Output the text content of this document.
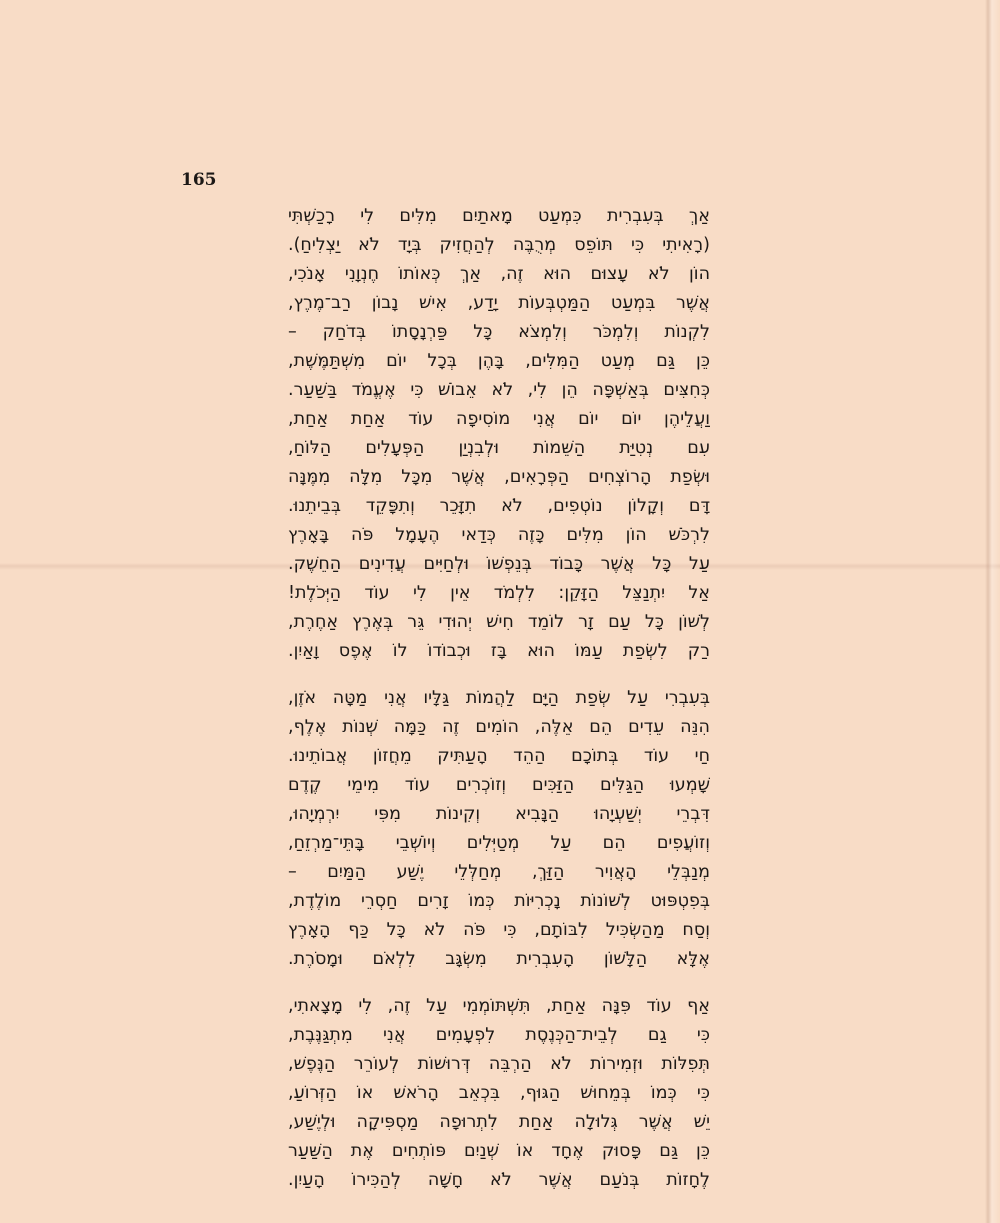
165
אַךְ בְּעִבְרִית כִּמְעַט מָאתַיִם מִלִּים לִי רָכַשְׁתִּי
(רָאִיתִי כִּי תּוֹפֵס מְרֻבֶּה לְהַחֲזִיק בְּיָד לֹא יַצְלִיחַ).
הוֹן לֹא עָצוּם הוּא זֶה, אַךְ כְּאוֹתוֹ חֶנְוָנִי אָנֹכִי,
אֲשֶׁר בִּמְעַט הַמַּטְבְּעוֹת יָדַע, אִישׁ נָבוֹן רַב־מֶרֶץ,
לִקְנוֹת וְלִמְכֹּר וְלִמְצֹא כָּל פַּרְנָסָתוֹ בְּדֹחַק –
כֵּן גַּם מְעַט הַמִּלִּים, בָּהֶן בְּכָל יוֹם מִשְׁתַּמֶּשֶׁת,
כְּחִצִּים בְּאַשְׁפָּה הֵן לִי, לֹא אֵבוֹשׁ כִּי אֶעֱמֹד בַּשַּׁעַר.
וַעֲלֵיהֶן יוֹם יוֹם אֲנִי מוֹסִיפָה עוֹד אַחַת אַחַת,
עִם נְטִיַּת הַשֵּׁמוֹת וּלְבִנְיַן הַפְּעָלִים הַלּוֹחַ,
וּשְׂפַת הָרוֹצְחִים הַפְּרָאִים, אֲשֶׁר מִכָּל מִלָּה מִמֶּנָּה
דָּם וְקָלוֹן נוֹטְפִים, לֹא תִזָּכֵר וְתִפָּקֵד בְּבֵיתֵנוּ.
לִרְכֹּשׁ הוֹן מִלִּים כָּזֶה כְּדַאי הֶעָמָל פֹּה בָּאָרֶץ
עַל כָּל אֲשֶׁר כָּבוֹד בְּנֵפְשׁוֹ וּלְחַיִּים עֲדִינִים הַחֵשֶׁק.
אַל יִתְנַצֵּל הַזָּקֵן: לִלְמֹד אֵין לִי עוֹד הַיְּכֹלֶת!
לְשׁוֹן כָּל עַם זָר לוֹמֵד חִישׁ יְהוּדִי גֵּר בְּאֶרֶץ אַחֶרֶת,
רַק לִשְׂפַת עַמּוֹ הוּא בָּז וּכְבוֹדוֹ לוֹ אֶפֶס וָאַיִן.
בְּעִבְרִי עַל שְׂפַת הַיָּם לַהֲמוֹת גַּלָּיו אֲנִי מַטָּה אֹזֶן,
הִנֵּה עֵדִים הֵם אֵלֶּה, הוֹמִים זֶה כַּמָּה שְׁנוֹת אֶלֶף,
חַי עוֹד בְּתוֹכָם הַהֵד הָעַתִּיק מֵחֲזוֹן אֲבוֹתֵינוּ.
שָׁמְעוּ הַגַּלִּים הַזַּכִּים וְזוֹכְרִים עוֹד מִימֵי קֶדֶם
דִּבְרֵי יְשַׁעְיָהוּ הַנָּבִיא וְקִינוֹת מִפִּי יִרְמְיָהוּ,
וְזוֹעֲפִים הֵם עַל מְטַיְּלִים וְיוֹשְׁבֵי בָּתֵּי־מַרְזֵחַ,
מְנַבְּלֵי הָאֲוִיר הַזַּךְ, מְחַלְּלֵי יֶשַׁע הַמַּיִם –
בְּפִטְפּוּט לְשׁוֹנוֹת נָכְרִיּוֹת כְּמוֹ זָרִים חַסְרֵי מוֹלֶדֶת,
וְסַח מַהַשְׂכִּיל לִבּוֹתָם, כִּי פֹּה לֹא כָּל כַּף הָאָרֶץ
אֶלָּא הַלָּשׁוֹן הָעִבְרִית מִשְׂגָּב לִלְאֹם וּמָסֹרֶת.
אַף עוֹד פִּנָּה אַחַת, תִּשְׁתּוֹמְמִי עַל זֶה, לִי מָצָאתִי,
כִּי גַם לְבֵית־הַכְּנֶסֶת לִפְעָמִים אֲנִי מִתְגַּנֶּבֶת,
תְּפִלּוֹת וּזְמִירוֹת לֹא הַרְבֵּה דְּרוּשׁוֹת לְעוֹרֵר הַנֶּפֶשׁ,
כִּי כְּמוֹ בְּמֵחוּשׁ הַגּוּף, בִּכְאֵב הָרֹאשׁ אוֹ הַזְּרוֹעַ,
יֵשׁ אֲשֶׁר גְּלוּלָה אַחַת לִתְרוּפָה מַסְפִּיקָה וּלְיֶשַׁע,
כֵּן גַּם פָּסוּק אֶחָד אוֹ שְׁנַיִם פּוֹתְחִים אֶת הַשַּׁעַר
לֶחָזוֹת בְּנֹעַם אֲשֶׁר לֹא חָשָׁה לְהַכִּירוֹ הָעַיִן.
